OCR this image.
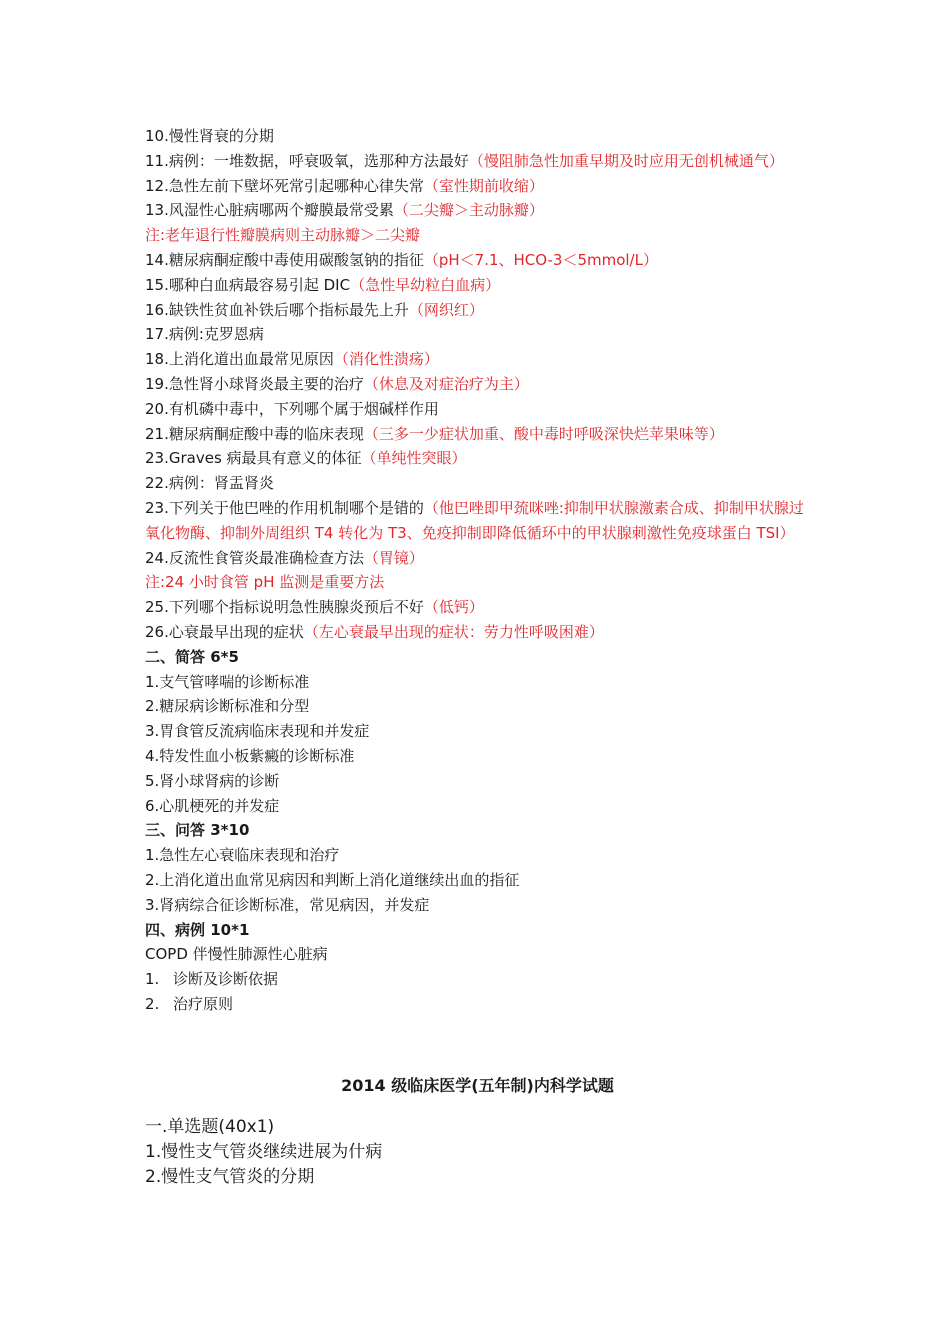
10.慢性肾衰的分期

11.病例：一堆数据，呼衰吸氧，选那种方法最好（慢阻肺急性加重早期及时应用无创机械通气）

12.急性左前下壁坏死常引起哪种心律失常（室性期前收缩）

13.风湿性心脏病哪两个瓣膜最常受累（二尖瓣＞主动脉瓣）

注:老年退行性瓣膜病则主动脉瓣＞二尖瓣

14.糖尿病酮症酸中毒使用碳酸氢钠的指征（pH＜7.1、HCO-3＜5mmol/L）

15.哪种白血病最容易引起 DIC（急性早幼粒白血病）

16.缺铁性贫血补铁后哪个指标最先上升（网织红）

17.病例:克罗恩病

18.上消化道出血最常见原因（消化性溃疡）

19.急性肾小球肾炎最主要的治疗（休息及对症治疗为主）

20.有机磷中毒中，下列哪个属于烟碱样作用

21.糖尿病酮症酸中毒的临床表现（三多一少症状加重、酸中毒时呼吸深快烂苹果味等）

23.Graves 病最具有意义的体征（单纯性突眼）

22.病例：肾盂肾炎

23.下列关于他巴唑的作用机制哪个是错的（他巴唑即甲巯咪唑:抑制甲状腺激素合成、抑制甲状腺过氧化物酶、抑制外周组织 T4 转化为 T3、免疫抑制即降低循环中的甲状腺刺激性免疫球蛋白 TSI）

24.反流性食管炎最准确检查方法（胃镜）

注:24 小时食管 pH 监测是重要方法

25.下列哪个指标说明急性胰腺炎预后不好（低钙）

26.心衰最早出现的症状（左心衰最早出现的症状：劳力性呼吸困难）

二、简答 6*5

1.支气管哮喘的诊断标准

2.糖尿病诊断标准和分型

3.胃食管反流病临床表现和并发症

4.特发性血小板紫癜的诊断标准

5.肾小球肾病的诊断

6.心肌梗死的并发症

三、问答 3*10

1.急性左心衰临床表现和治疗

2.上消化道出血常见病因和判断上消化道继续出血的指征

3.肾病综合征诊断标准，常见病因，并发症

四、病例 10*1

COPD 伴慢性肺源性心脏病

1. 诊断及诊断依据

2. 治疗原则

2014 级临床医学(五年制)内科学试题

一.单选题(40x1)

1.慢性支气管炎继续进展为什病

2.慢性支气管炎的分期
